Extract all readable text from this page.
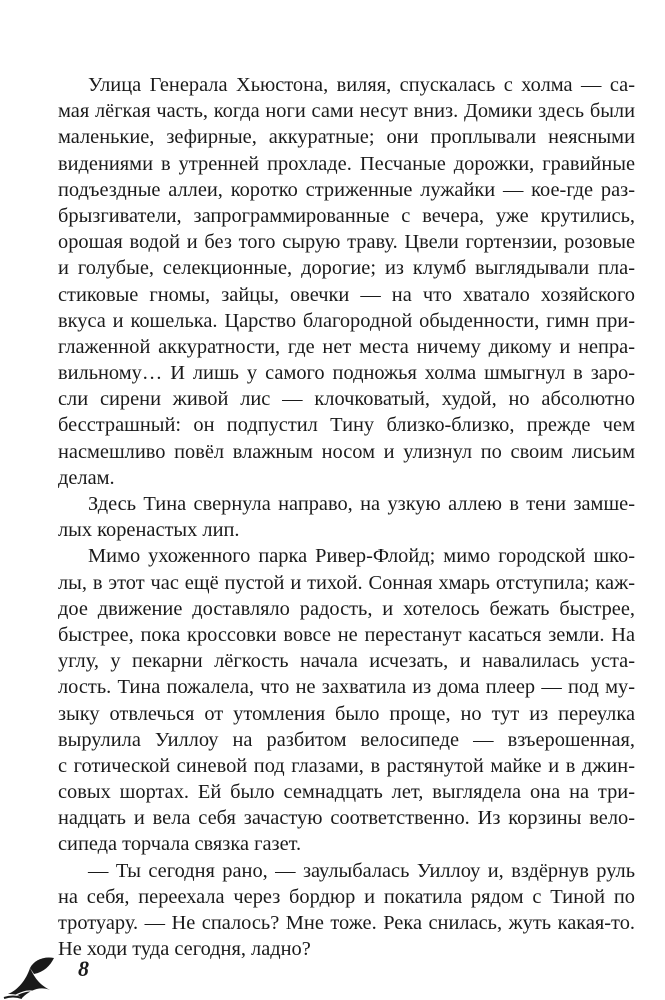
Улица Генерала Хьюстона, виляя, спускалась с холма — са-
мая лёгкая часть, когда ноги сами несут вниз. Домики здесь были
маленькие, зефирные, аккуратные; они проплывали неясными
видениями в утренней прохладе. Песчаные дорожки, гравийные
подъездные аллеи, коротко стриженные лужайки — кое-где раз-
брызгиватели, запрограммированные с вечера, уже крутились,
орошая водой и без того сырую траву. Цвели гортензии, розовые
и голубые, селекционные, дорогие; из клумб выглядывали пла-
стиковые гномы, зайцы, овечки — на что хватало хозяйского
вкуса и кошелька. Царство благородной обыденности, гимн при-
глаженной аккуратности, где нет места ничему дикому и непра-
вильному… И лишь у самого подножья холма шмыгнул в заро-
сли сирени живой лис — клочковатый, худой, но абсолютно
бесстрашный: он подпустил Тину близко-близко, прежде чем
насмешливо повёл влажным носом и улизнул по своим лисьим
делам.
Здесь Тина свернула направо, на узкую аллею в тени замше-
лых коренастых лип.
Мимо ухоженного парка Ривер-Флойд; мимо городской шко-
лы, в этот час ещё пустой и тихой. Сонная хмарь отступила; каж-
дое движение доставляло радость, и хотелось бежать быстрее,
быстрее, пока кроссовки вовсе не перестанут касаться земли. На
углу, у пекарни лёгкость начала исчезать, и навалилась уста-
лость. Тина пожалела, что не захватила из дома плеер — под му-
зыку отвлечься от утомления было проще, но тут из переулка
вырулила Уиллоу на разбитом велосипеде — взъерошенная,
с готической синевой под глазами, в растянутой майке и в джин-
совых шортах. Ей было семнадцать лет, выглядела она на три-
надцать и вела себя зачастую соответственно. Из корзины вело-
сипеда торчала связка газет.
— Ты сегодня рано, — заулыбалась Уиллоу и, вздёрнув руль
на себя, переехала через бордюр и покатила рядом с Тиной по
тротуару. — Не спалось? Мне тоже. Река снилась, жуть какая-то.
Не ходи туда сегодня, ладно?
8
